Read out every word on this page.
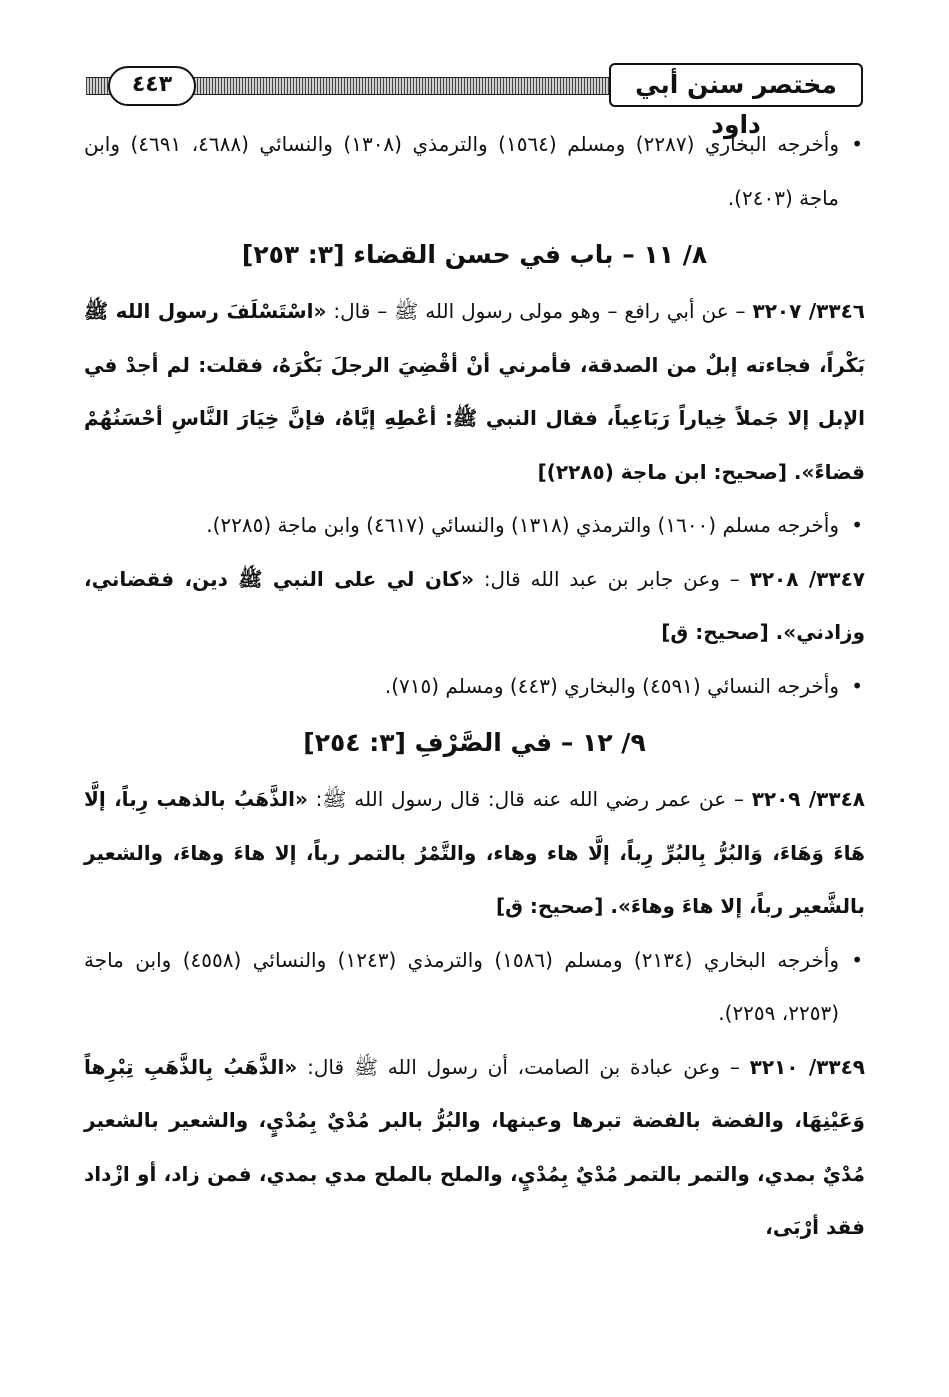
٤٤٣	مختصر سنن أبي داود

• وأخرجه البخاري (٢٢٨٧) ومسلم (١٥٦٤) والترمذي (١٣٠٨) والنسائي (٤٦٨٨، ٤٦٩١) وابن ماجة (٢٤٠٣).

٨/ ١١ – باب في حسن القضاء [٣: ٢٥٣]

٣٣٤٦/ ٣٢٠٧ – عن أبي رافع – وهو مولى رسول الله ﷺ – قال: «اسْتَسْلَفَ رسول الله ﷺ بَكْراً، فجاءته إبلٌ من الصدقة، فأمرني أنْ أقْضِيَ الرجلَ بَكْرَهُ، فقلت: لم أجدْ في الإبل إلا جَملاً خِياراً رَبَاعِياً، فقال النبي ﷺ: أعْطِهِ إيَّاهُ، فإنَّ خِيَارَ النَّاسِ أحْسَنُهُمْ قضاءً». [صحيح: ابن ماجة (٢٢٨٥)]

• وأخرجه مسلم (١٦٠٠) والترمذي (١٣١٨) والنسائي (٤٦١٧) وابن ماجة (٢٢٨٥).

٣٣٤٧/ ٣٢٠٨ – وعن جابر بن عبد الله قال: «كان لي على النبي ﷺ دين، فقضاني، وزادني». [صحيح: ق]

• وأخرجه النسائي (٤٥٩١) والبخاري (٤٤٣) ومسلم (٧١٥).

٩/ ١٢ – في الصَّرْفِ [٣: ٢٥٤]

٣٣٤٨/ ٣٢٠٩ – عن عمر رضي الله عنه قال: قال رسول الله ﷺ: «الذَّهَبُ بالذهب رِباً، إلَّا هَاءَ وَهَاءَ، وَالبُرُّ بِالبُرِّ رِباً، إلَّا هاء وهاء، والتَّمْرُ بالتمر رباً، إلا هاءَ وهاءَ، والشعير بالشَّعير رباً، إلا هاءَ وهاءَ». [صحيح: ق]

• وأخرجه البخاري (٢١٣٤) ومسلم (١٥٨٦) والترمذي (١٢٤٣) والنسائي (٤٥٥٨) وابن ماجة (٢٢٥٣، ٢٢٥٩).

٣٣٤٩/ ٣٢١٠ – وعن عبادة بن الصامت، أن رسول الله ﷺ قال: «الذَّهَبُ بِالذَّهَبِ تِبْرِهاً وَعَيْنِهَا، والفضة بالفضة تبرها وعينها، والبُرُّ بالبر مُدْيٌ بِمُدْيٍ، والشعير بالشعير مُدْيٌ بمدي، والتمر بالتمر مُدْيٌ بِمُدْيٍ، والملح بالملح مدي بمدي، فمن زاد، أو ازْداد فقد أرْبَى،
